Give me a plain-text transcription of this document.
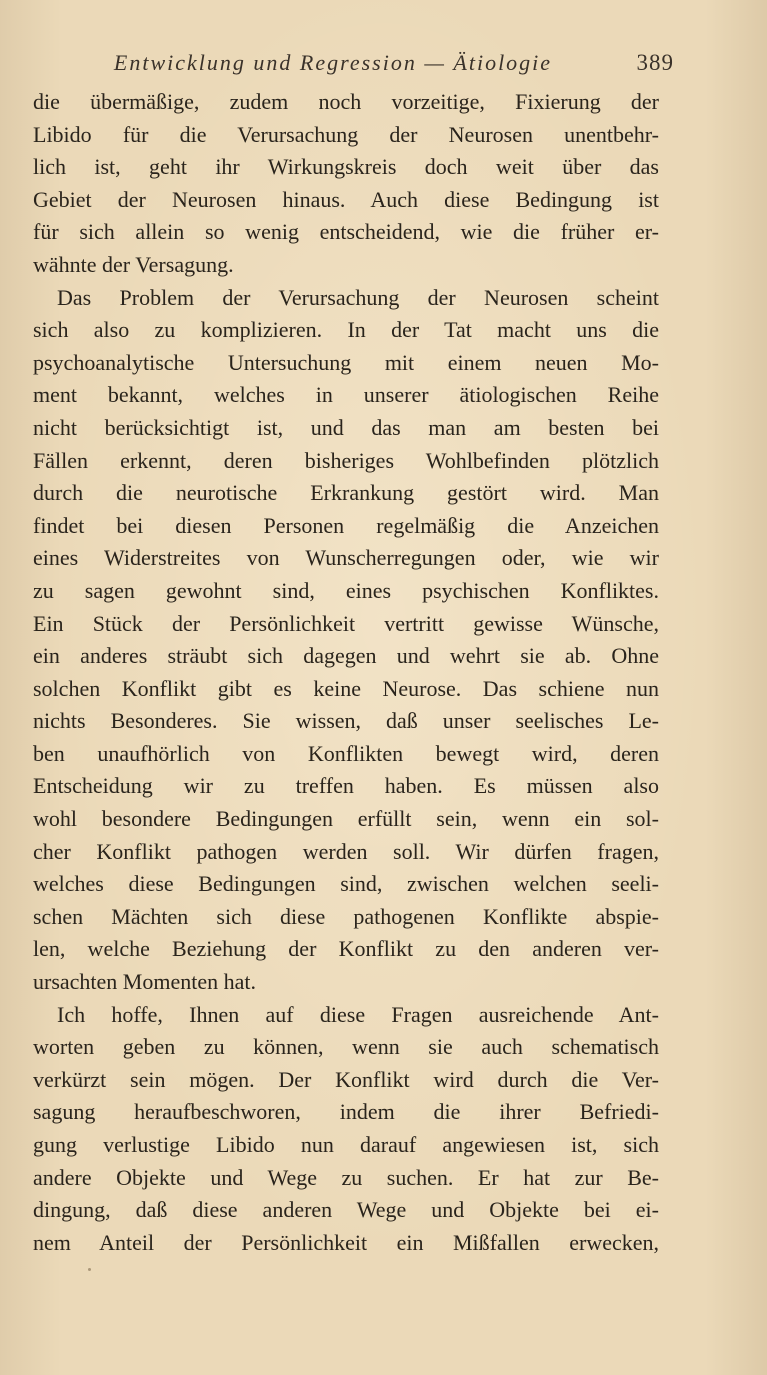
Entwicklung und Regression — Ätiologie	389
die übermäßige, zudem noch vorzeitige, Fixierung der
Libido für die Verursachung der Neurosen unentbehr-
lich ist, geht ihr Wirkungskreis doch weit über das
Gebiet der Neurosen hinaus. Auch diese Bedingung ist
für sich allein so wenig entscheidend, wie die früher er-
wähnte der Versagung.
Das Problem der Verursachung der Neurosen scheint
sich also zu komplizieren. In der Tat macht uns die
psychoanalytische Untersuchung mit einem neuen Mo-
ment bekannt, welches in unserer ätiologischen Reihe
nicht berücksichtigt ist, und das man am besten bei
Fällen erkennt, deren bisheriges Wohlbefinden plötzlich
durch die neurotische Erkrankung gestört wird. Man
findet bei diesen Personen regelmäßig die Anzeichen
eines Widerstreites von Wunscherregungen oder, wie wir
zu sagen gewohnt sind, eines psychischen Konfliktes.
Ein Stück der Persönlichkeit vertritt gewisse Wünsche,
ein anderes sträubt sich dagegen und wehrt sie ab. Ohne
solchen Konflikt gibt es keine Neurose. Das schiene nun
nichts Besonderes. Sie wissen, daß unser seelisches Le-
ben unaufhörlich von Konflikten bewegt wird, deren
Entscheidung wir zu treffen haben. Es müssen also
wohl besondere Bedingungen erfüllt sein, wenn ein sol-
cher Konflikt pathogen werden soll. Wir dürfen fragen,
welches diese Bedingungen sind, zwischen welchen seeli-
schen Mächten sich diese pathogenen Konflikte abspie-
len, welche Beziehung der Konflikt zu den anderen ver-
ursachten Momenten hat.
Ich hoffe, Ihnen auf diese Fragen ausreichende Ant-
worten geben zu können, wenn sie auch schematisch
verkürzt sein mögen. Der Konflikt wird durch die Ver-
sagung heraufbeschworen, indem die ihrer Befriedi-
gung verlustige Libido nun darauf angewiesen ist, sich
andere Objekte und Wege zu suchen. Er hat zur Be-
dingung, daß diese anderen Wege und Objekte bei ei-
nem Anteil der Persönlichkeit ein Mißfallen erwecken,
